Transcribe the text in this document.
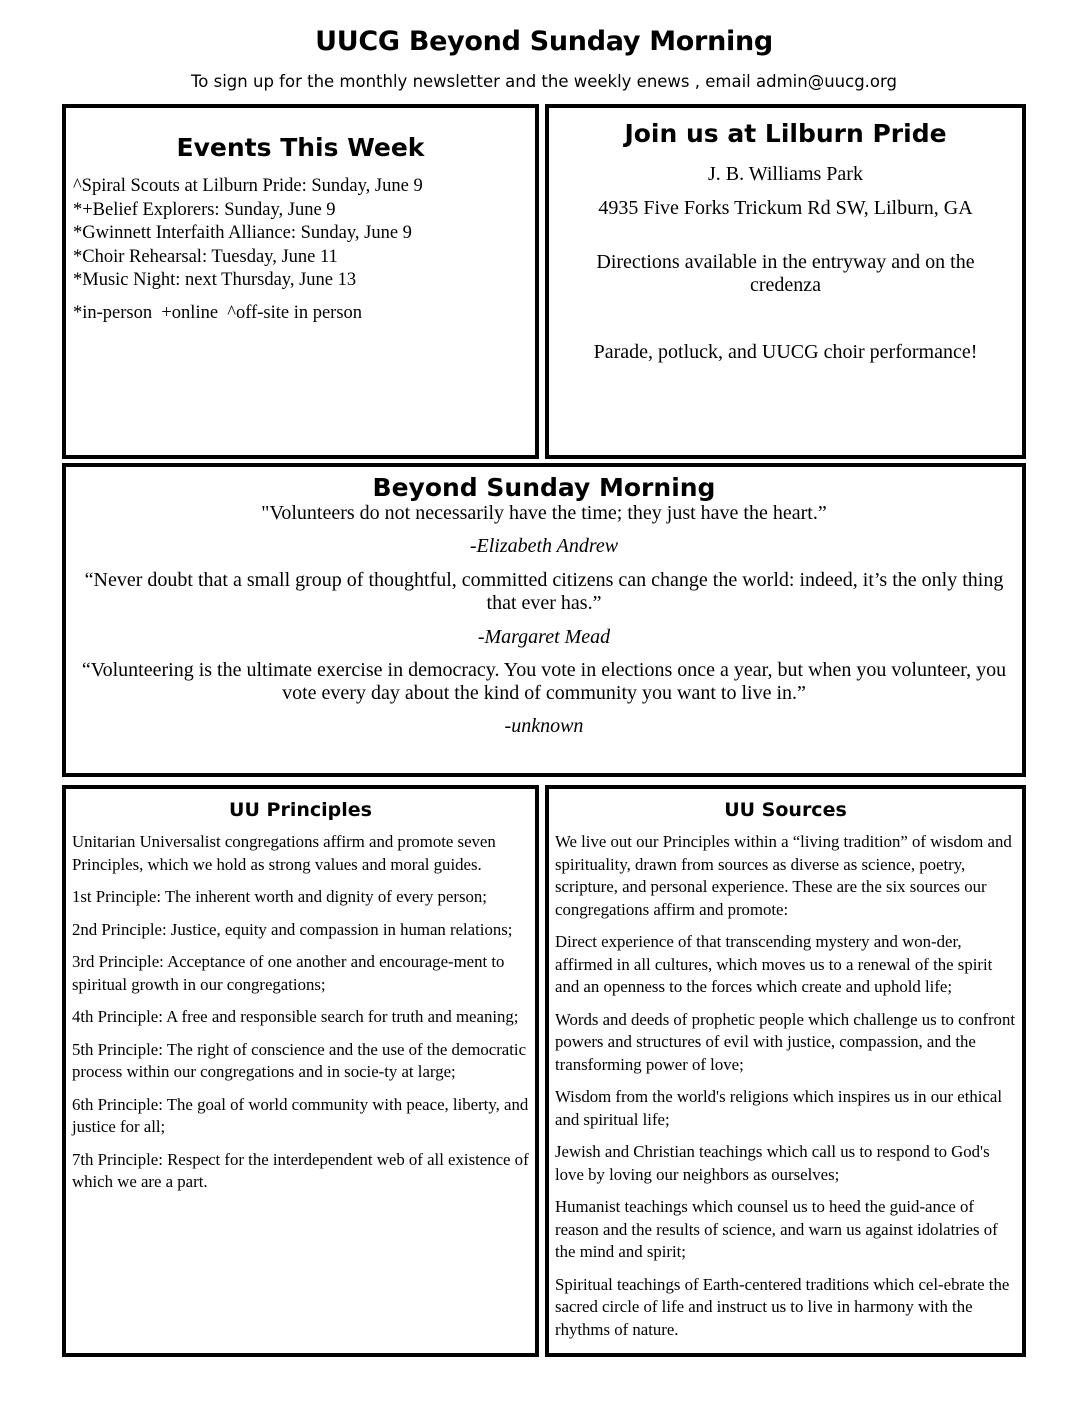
UUCG Beyond Sunday Morning
To sign up for the monthly newsletter and the weekly enews , email admin@uucg.org
Events This Week
^Spiral Scouts at Lilburn Pride: Sunday, June 9
*+Belief Explorers: Sunday, June 9
*Gwinnett Interfaith Alliance: Sunday, June 9
*Choir Rehearsal: Tuesday, June 11
*Music Night: next Thursday, June 13
*in-person  +online  ^off-site in person
Join us at Lilburn Pride
J. B. Williams Park
4935 Five Forks Trickum Rd SW, Lilburn, GA
Directions available in the entryway and on the credenza
Parade, potluck, and UUCG choir performance!
Beyond Sunday Morning
"Volunteers do not necessarily have the time; they just have the heart.”
-Elizabeth Andrew
“Never doubt that a small group of thoughtful, committed citizens can change the world: indeed, it’s the only thing that ever has.”
-Margaret Mead
“Volunteering is the ultimate exercise in democracy. You vote in elections once a year, but when you volunteer, you vote every day about the kind of community you want to live in.”
-unknown
UU Principles

Unitarian Universalist congregations affirm and promote seven Principles, which we hold as strong values and moral guides.

1st Principle: The inherent worth and dignity of every person;

2nd Principle: Justice, equity and compassion in human relations;

3rd Principle: Acceptance of one another and encourage-ment to spiritual growth in our congregations;

4th Principle: A free and responsible search for truth and meaning;

5th Principle: The right of conscience and the use of the democratic process within our congregations and in socie-ty at large;

6th Principle: The goal of world community with peace, liberty, and justice for all;

7th Principle: Respect for the interdependent web of all existence of which we are a part.

UU Sources

We live out our Principles within a “living tradition” of wisdom and spirituality, drawn from sources as diverse as science, poetry, scripture, and personal experience. These are the six sources our congregations affirm and promote:

Direct experience of that transcending mystery and won-der, affirmed in all cultures, which moves us to a renewal of the spirit and an openness to the forces which create and uphold life;

Words and deeds of prophetic people which challenge us to confront powers and structures of evil with justice, compassion, and the transforming power of love;

Wisdom from the world's religions which inspires us in our ethical and spiritual life;

Jewish and Christian teachings which call us to respond to God's love by loving our neighbors as ourselves;

Humanist teachings which counsel us to heed the guid-ance of reason and the results of science, and warn us against idolatries of the mind and spirit;

Spiritual teachings of Earth-centered traditions which cel-ebrate the sacred circle of life and instruct us to live in harmony with the rhythms of nature.
